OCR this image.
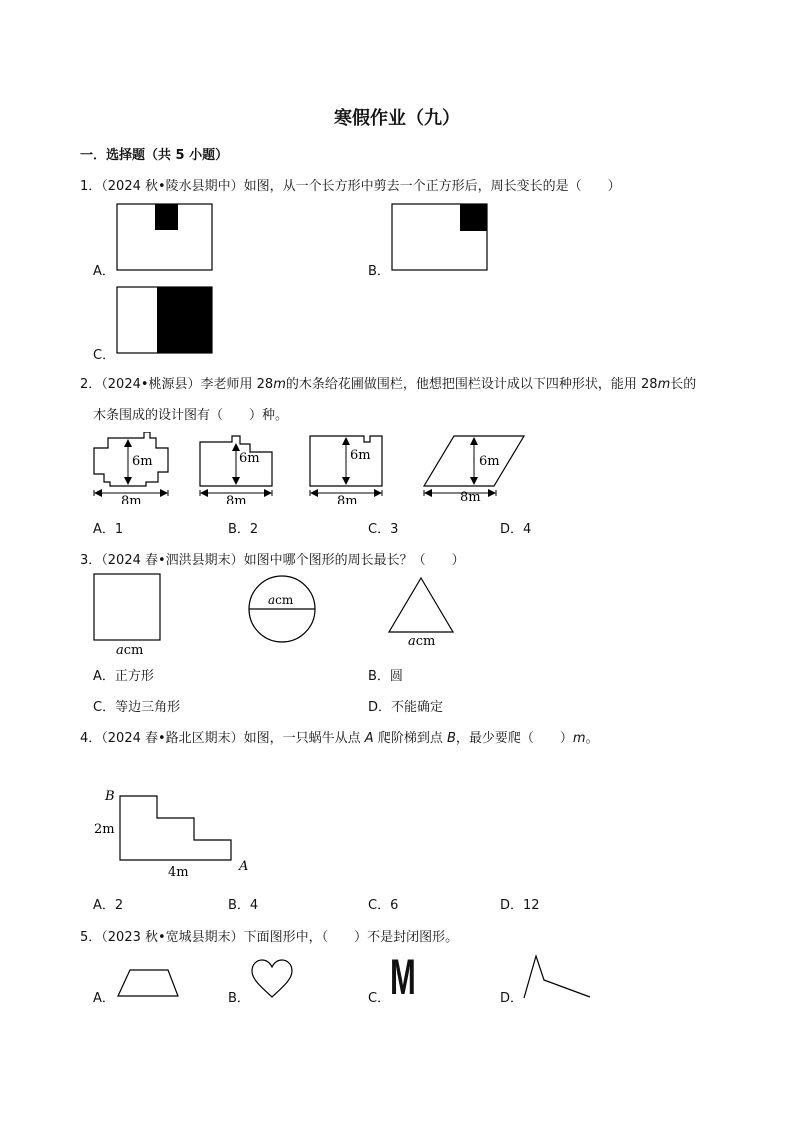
寒假作业（九）
一．选择题（共 5 小题）
1．（2024 秋•陵水县期中）如图，从一个长方形中剪去一个正方形后，周长变长的是（　　）
A．	B．
C．
2．（2024•桃源县）李老师用 28m的木条给花圃做围栏，他想把围栏设计成以下四种形状，能用 28m长的
木条围成的设计图有（　　）种。
6m
8m
6m
8m
6m
8m
6m
8m
A．1	B．2	C．3	D．4
3．（2024 春•泗洪县期末）如图中哪个图形的周长最长？（　　）
acm
acm
acm
A．正方形	B．圆
C．等边三角形	D．不能确定
4．（2024 春•路北区期末）如图，一只蜗牛从点 A 爬阶梯到点 B，最少要爬（　　）m。
B
A
2m
4m
A．2	B．4	C．6	D．12
5．（2023 秋•宽城县期末）下面图形中，（　　）不是封闭图形。
A．	B．	C． M	D．
